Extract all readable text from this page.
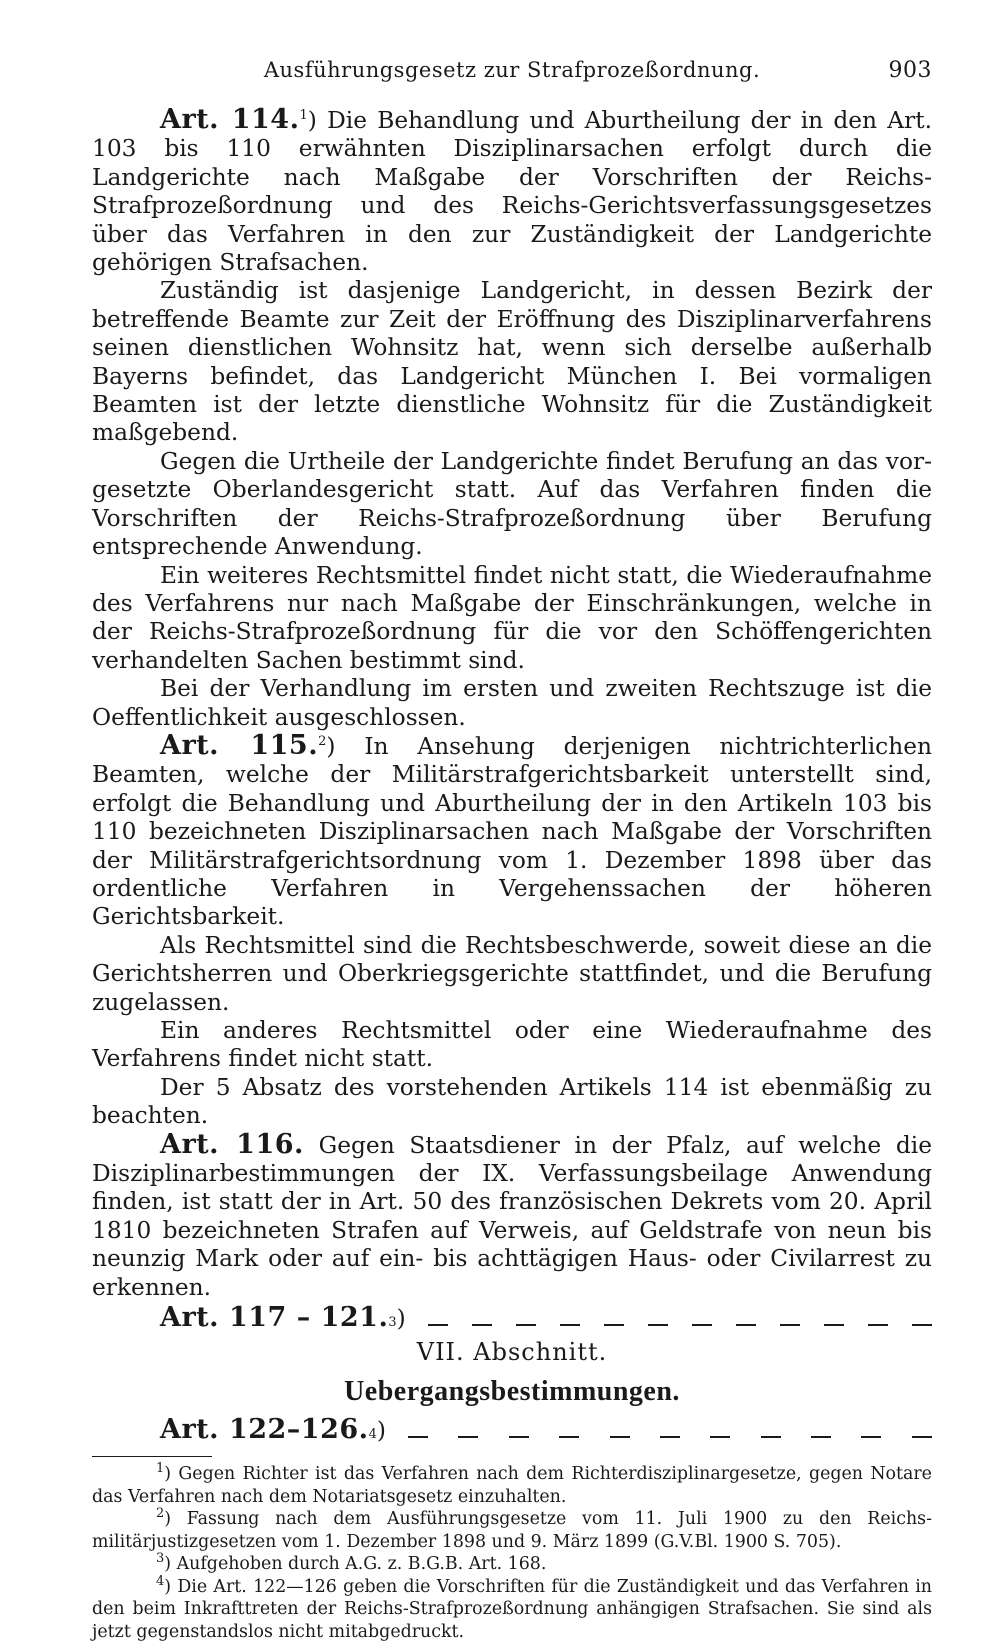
Ausführungsgesetz zur Strafprozeßordnung.	903

Art. 114.$^1$) Die Behandlung und Aburtheilung der in den Art. 103 bis 110 erwähnten Disziplinarsachen erfolgt durch die Landgerichte nach Maßgabe der Vorschriften der Reichs-Strafprozeßordnung und des Reichs-Gerichtsverfassungsgesetzes über das Verfahren in den zur Zuständigkeit der Landgerichte gehörigen Strafsachen.

Zuständig ist dasjenige Landgericht, in dessen Bezirk der betreffende Beamte zur Zeit der Eröffnung des Disziplinarverfahrens seinen dienstlichen Wohnsitz hat, wenn sich derselbe außerhalb Bayerns befindet, das Landgericht München I. Bei vormaligen Beamten ist der letzte dienstliche Wohnsitz für die Zuständigkeit maßgebend.

Gegen die Urtheile der Landgerichte findet Berufung an das vorgesetzte Oberlandesgericht statt. Auf das Verfahren finden die Vorschriften der Reichs-Strafprozeßordnung über Berufung entsprechende Anwendung.

Ein weiteres Rechtsmittel findet nicht statt, die Wiederaufnahme des Verfahrens nur nach Maßgabe der Einschränkungen, welche in der Reichs-Strafprozeßordnung für die vor den Schöffengerichten verhandelten Sachen bestimmt sind.

Bei der Verhandlung im ersten und zweiten Rechtszuge ist die Oeffentlichkeit ausgeschlossen.

Art. 115.$^2$) In Ansehung derjenigen nichtrichterlichen Beamten, welche der Militärstrafgerichtsbarkeit unterstellt sind, erfolgt die Behandlung und Aburtheilung der in den Artikeln 103 bis 110 bezeichneten Disziplinarsachen nach Maßgabe der Vorschriften der Militärstrafgerichtsordnung vom 1. Dezember 1898 über das ordentliche Verfahren in Vergehenssachen der höheren Gerichtsbarkeit.

Als Rechtsmittel sind die Rechtsbeschwerde, soweit diese an die Gerichtsherren und Oberkriegsgerichte stattfindet, und die Berufung zugelassen.

Ein anderes Rechtsmittel oder eine Wiederaufnahme des Verfahrens findet nicht statt.

Der 5 Absatz des vorstehenden Artikels 114 ist ebenmäßig zu beachten.

Art. 116. Gegen Staatsdiener in der Pfalz, auf welche die Disziplinarbestimmungen der IX. Verfassungsbeilage Anwendung finden, ist statt der in Art. 50 des französischen Dekrets vom 20. April 1810 bezeichneten Strafen auf Verweis, auf Geldstrafe von neun bis neunzig Mark oder auf ein- bis achttägigen Haus- oder Civilarrest zu erkennen.

Art. 117 – 121. 3 )
VII. Abschnitt.
Uebergangsbestimmungen.
Art. 122–126. 4 )

$^1$) Gegen Richter ist das Verfahren nach dem Richterdisziplinargesetze, gegen Notare das Verfahren nach dem Notariatsgesetz einzuhalten.

$^2$) Fassung nach dem Ausführungsgesetze vom 11. Juli 1900 zu den Reichsmilitärjustizgesetzen vom 1. Dezember 1898 und 9. März 1899 (G.V.Bl. 1900 S. 705).

$^3$) Aufgehoben durch A.G. z. B.G.B. Art. 168.

$^4$) Die Art. 122—126 geben die Vorschriften für die Zuständigkeit und das Verfahren in den beim Inkrafttreten der Reichs-Strafprozeßordnung anhängigen Strafsachen. Sie sind als jetzt gegenstandslos nicht mitabgedruckt.
